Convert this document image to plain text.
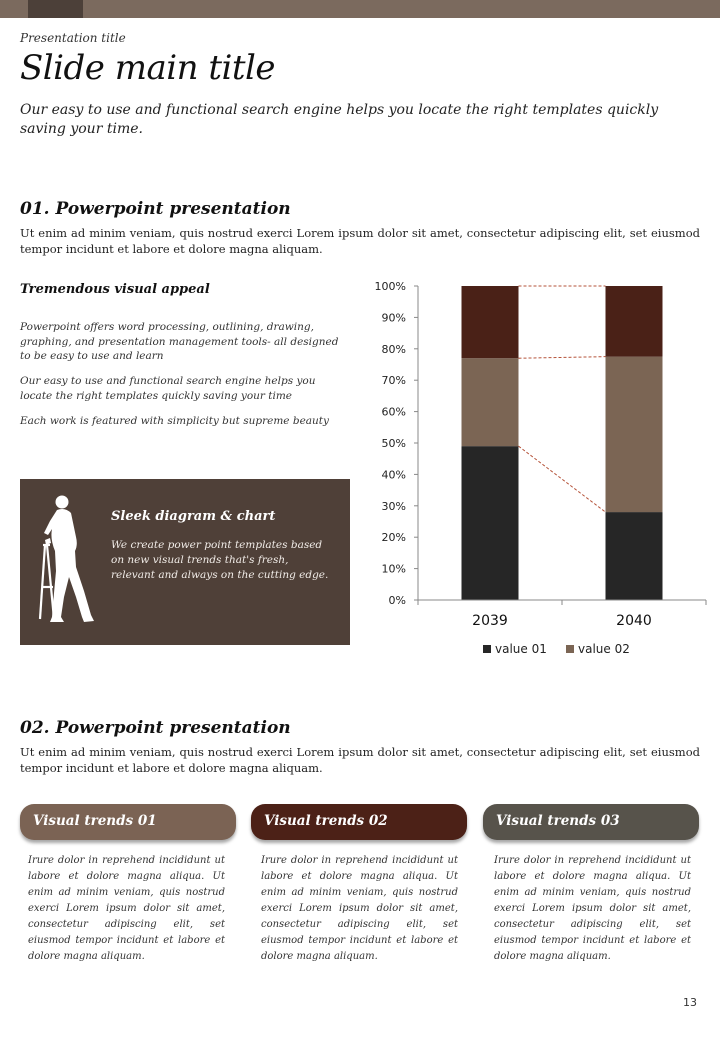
Presentation title
Slide main title
Our easy to use and functional search engine helps you locate the right templates quickly saving your time.
01. Powerpoint presentation
Ut enim ad minim veniam, quis nostrud exerci Lorem ipsum dolor sit amet, consectetur adipiscing elit, set eiusmod tempor incidunt et labore et dolore magna aliquam.
Tremendous visual appeal
Powerpoint offers word processing, outlining, drawing, graphing, and presentation management tools- all designed to be easy to use and learn
Our easy to use and functional search engine helps you locate the right templates quickly saving your time
Each work is featured with simplicity but supreme beauty
Sleek diagram & chart
We create power point templates based on new visual trends that's fresh, relevant and always on the cutting edge.
0%
10%
20%
30%
40%
50%
60%
70%
80%
90%
100%
2039	2040
value 01	value 02
02. Powerpoint presentation
Ut enim ad minim veniam, quis nostrud exerci Lorem ipsum dolor sit amet, consectetur adipiscing elit, set eiusmod tempor incidunt et labore et dolore magna aliquam.
Visual trends 01	Visual trends 02	Visual trends 03
Irure dolor in reprehend incididunt ut labore et dolore magna aliqua. Ut enim ad minim veniam, quis nostrud exerci Lorem ipsum dolor sit amet, consectetur adipiscing elit, set eiusmod tempor incidunt et labore et dolore magna aliquam.
Irure dolor in reprehend incididunt ut labore et dolore magna aliqua. Ut enim ad minim veniam, quis nostrud exerci Lorem ipsum dolor sit amet, consectetur adipiscing elit, set eiusmod tempor incidunt et labore et dolore magna aliquam.
Irure dolor in reprehend incididunt ut labore et dolore magna aliqua. Ut enim ad minim veniam, quis nostrud exerci Lorem ipsum dolor sit amet, consectetur adipiscing elit, set eiusmod tempor incidunt et labore et dolore magna aliquam.
13
